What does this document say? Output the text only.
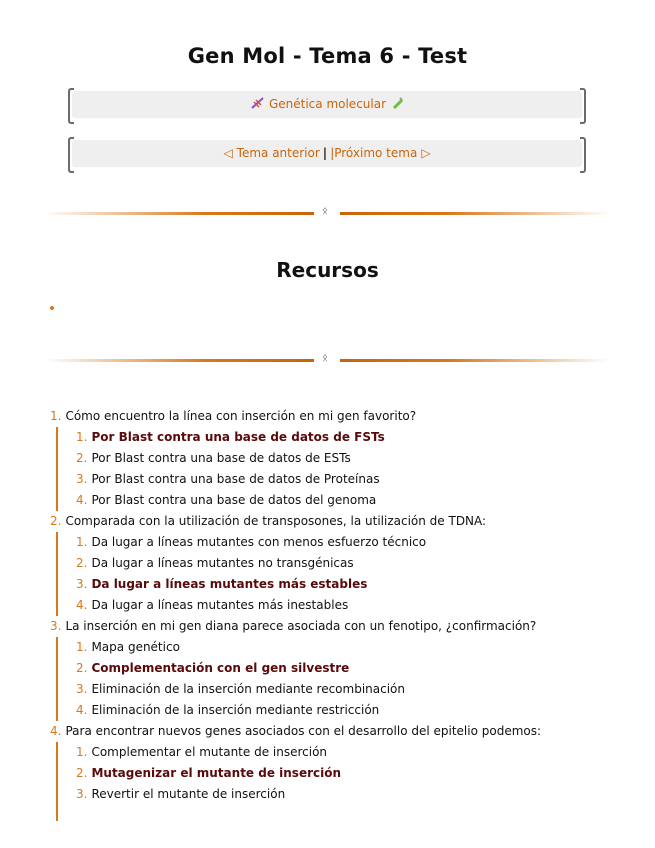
Gen Mol - Tema 6 - Test
Genética molecular
◁ Tema anterior | | Próximo tema ▷
ᛟ
Recursos
ᛟ
1. Cómo encuentro la línea con inserción en mi gen favorito?
1. Por Blast contra una base de datos de FSTs
2. Por Blast contra una base de datos de ESTs
3. Por Blast contra una base de datos de Proteínas
4. Por Blast contra una base de datos del genoma
2. Comparada con la utilización de transposones, la utilización de TDNA:
1. Da lugar a líneas mutantes con menos esfuerzo técnico
2. Da lugar a líneas mutantes no transgénicas
3. Da lugar a líneas mutantes más estables
4. Da lugar a líneas mutantes más inestables
3. La inserción en mi gen diana parece asociada con un fenotipo, ¿confirmación?
1. Mapa genético
2. Complementación con el gen silvestre
3. Eliminación de la inserción mediante recombinación
4. Eliminación de la inserción mediante restricción
4. Para encontrar nuevos genes asociados con el desarrollo del epitelio podemos:
1. Complementar el mutante de inserción
2. Mutagenizar el mutante de inserción
3. Revertir el mutante de inserción
